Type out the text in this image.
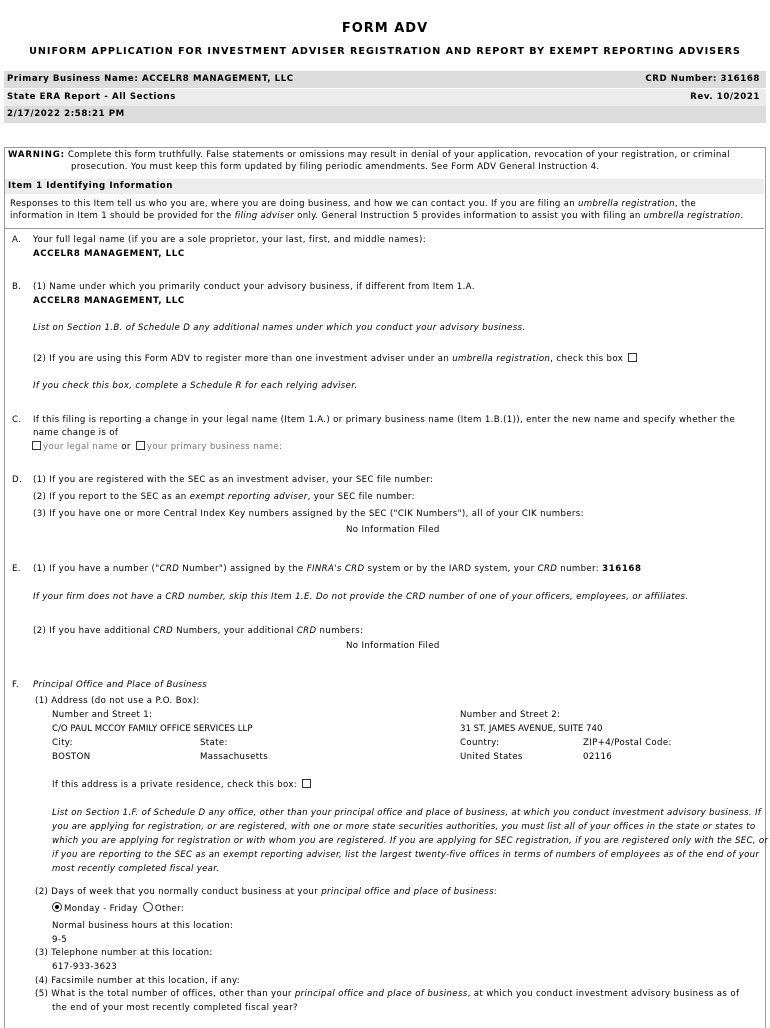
FORM ADV
UNIFORM APPLICATION FOR INVESTMENT ADVISER REGISTRATION AND REPORT BY EXEMPT REPORTING ADVISERS
Primary Business Name: ACCELR8 MANAGEMENT, LLC	CRD Number: 316168
State ERA Report - All Sections	Rev. 10/2021
2/17/2022 2:58:21 PM
WARNING: Complete this form truthfully. False statements or omissions may result in denial of your application, revocation of your registration, or criminal
prosecution. You must keep this form updated by filing periodic amendments. See Form ADV General Instruction 4.
Item 1 Identifying Information
Responses to this Item tell us who you are, where you are doing business, and how we can contact you. If you are filing an umbrella registration, the
information in Item 1 should be provided for the filing adviser only. General Instruction 5 provides information to assist you with filing an umbrella registration.
A. Your full legal name (if you are a sole proprietor, your last, first, and middle names):
ACCELR8 MANAGEMENT, LLC
B. (1) Name under which you primarily conduct your advisory business, if different from Item 1.A.
ACCELR8 MANAGEMENT, LLC
List on Section 1.B. of Schedule D any additional names under which you conduct your advisory business.
(2) If you are using this Form ADV to register more than one investment adviser under an umbrella registration, check this box
If you check this box, complete a Schedule R for each relying adviser.
C. If this filing is reporting a change in your legal name (Item 1.A.) or primary business name (Item 1.B.(1)), enter the new name and specify whether the
name change is of
your legal name or your primary business name:
D. (1) If you are registered with the SEC as an investment adviser, your SEC file number:
(2) If you report to the SEC as an exempt reporting adviser, your SEC file number:
(3) If you have one or more Central Index Key numbers assigned by the SEC ("CIK Numbers"), all of your CIK numbers:
No Information Filed
E. (1) If you have a number ("CRD Number") assigned by the FINRA's CRD system or by the IARD system, your CRD number: 316168
If your firm does not have a CRD number, skip this Item 1.E. Do not provide the CRD number of one of your officers, employees, or affiliates.
(2) If you have additional CRD Numbers, your additional CRD numbers:
No Information Filed
F. Principal Office and Place of Business
(1) Address (do not use a P.O. Box):
Number and Street 1:	Number and Street 2:
C/O PAUL MCCOY FAMILY OFFICE SERVICES LLP	31 ST. JAMES AVENUE, SUITE 740
City:	State:	Country:	ZIP+4/Postal Code:
BOSTON	Massachusetts	United States	02116
If this address is a private residence, check this box:
List on Section 1.F. of Schedule D any office, other than your principal office and place of business, at which you conduct investment advisory business. If
you are applying for registration, or are registered, with one or more state securities authorities, you must list all of your offices in the state or states to
which you are applying for registration or with whom you are registered. If you are applying for SEC registration, if you are registered only with the SEC, or
if you are reporting to the SEC as an exempt reporting adviser, list the largest twenty-five offices in terms of numbers of employees as of the end of your
most recently completed fiscal year.
(2) Days of week that you normally conduct business at your principal office and place of business:
Monday - Friday Other:
Normal business hours at this location:
9-5
(3) Telephone number at this location:
617-933-3623
(4) Facsimile number at this location, if any:
(5) What is the total number of offices, other than your principal office and place of business, at which you conduct investment advisory business as of
the end of your most recently completed fiscal year?
